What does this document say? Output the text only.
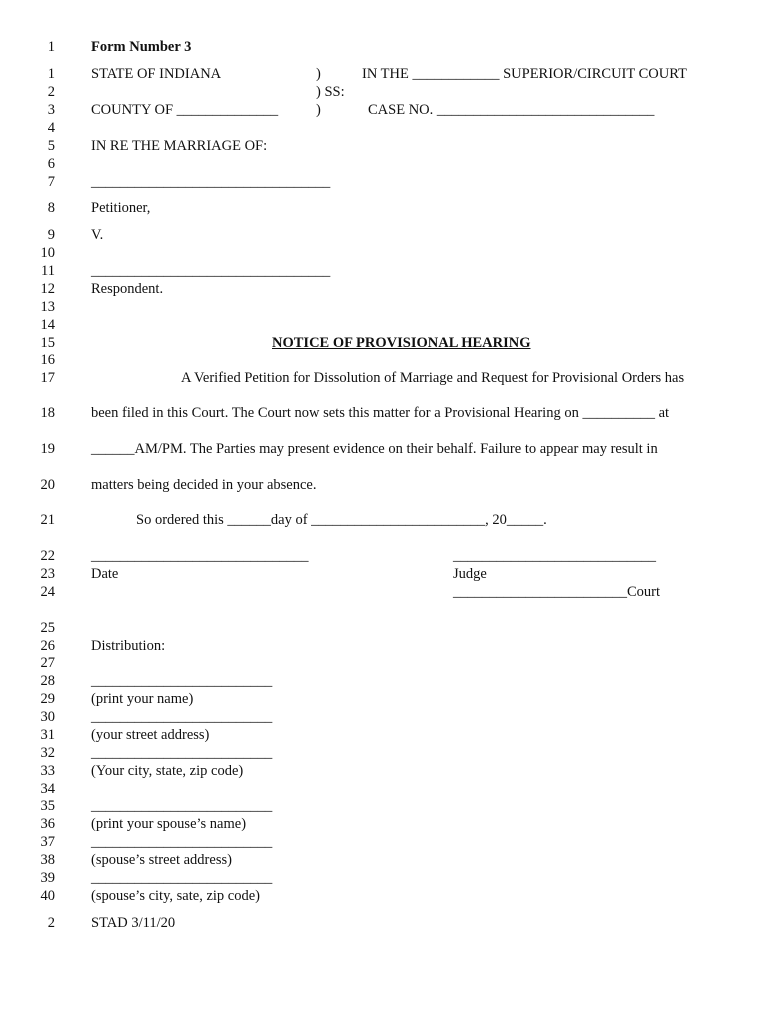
1
1
2
3
4
5
6
7
8
9
10
11
12
13
14
15
16
17
18
19
20
21
22
23
24
25
26
27
28
29
30
31
32
33
34
35
36
37
38
39
40
2
Form Number 3
STATE OF INDIANA	)	IN THE ____________ SUPERIOR/CIRCUIT COURT
) SS:
COUNTY OF ______________	)	CASE NO. ______________________________
IN RE THE MARRIAGE OF:
_________________________________
Petitioner,
V.
_________________________________
Respondent.
NOTICE OF PROVISIONAL HEARING
A Verified Petition for Dissolution of Marriage and Request for Provisional Orders has
been filed in this Court. The Court now sets this matter for a Provisional Hearing on __________ at
______AM/PM. The Parties may present evidence on their behalf. Failure to appear may result in
matters being decided in your absence.
So ordered this ______day of ________________________, 20_____.
______________________________	____________________________
Date	Judge
________________________Court
Distribution:
_________________________
(print your name)
_________________________
(your street address)
_________________________
(Your city, state, zip code)
_________________________
(print your spouse’s name)
_________________________
(spouse’s street address)
_________________________
(spouse’s city, sate, zip code)
STAD 3/11/20
